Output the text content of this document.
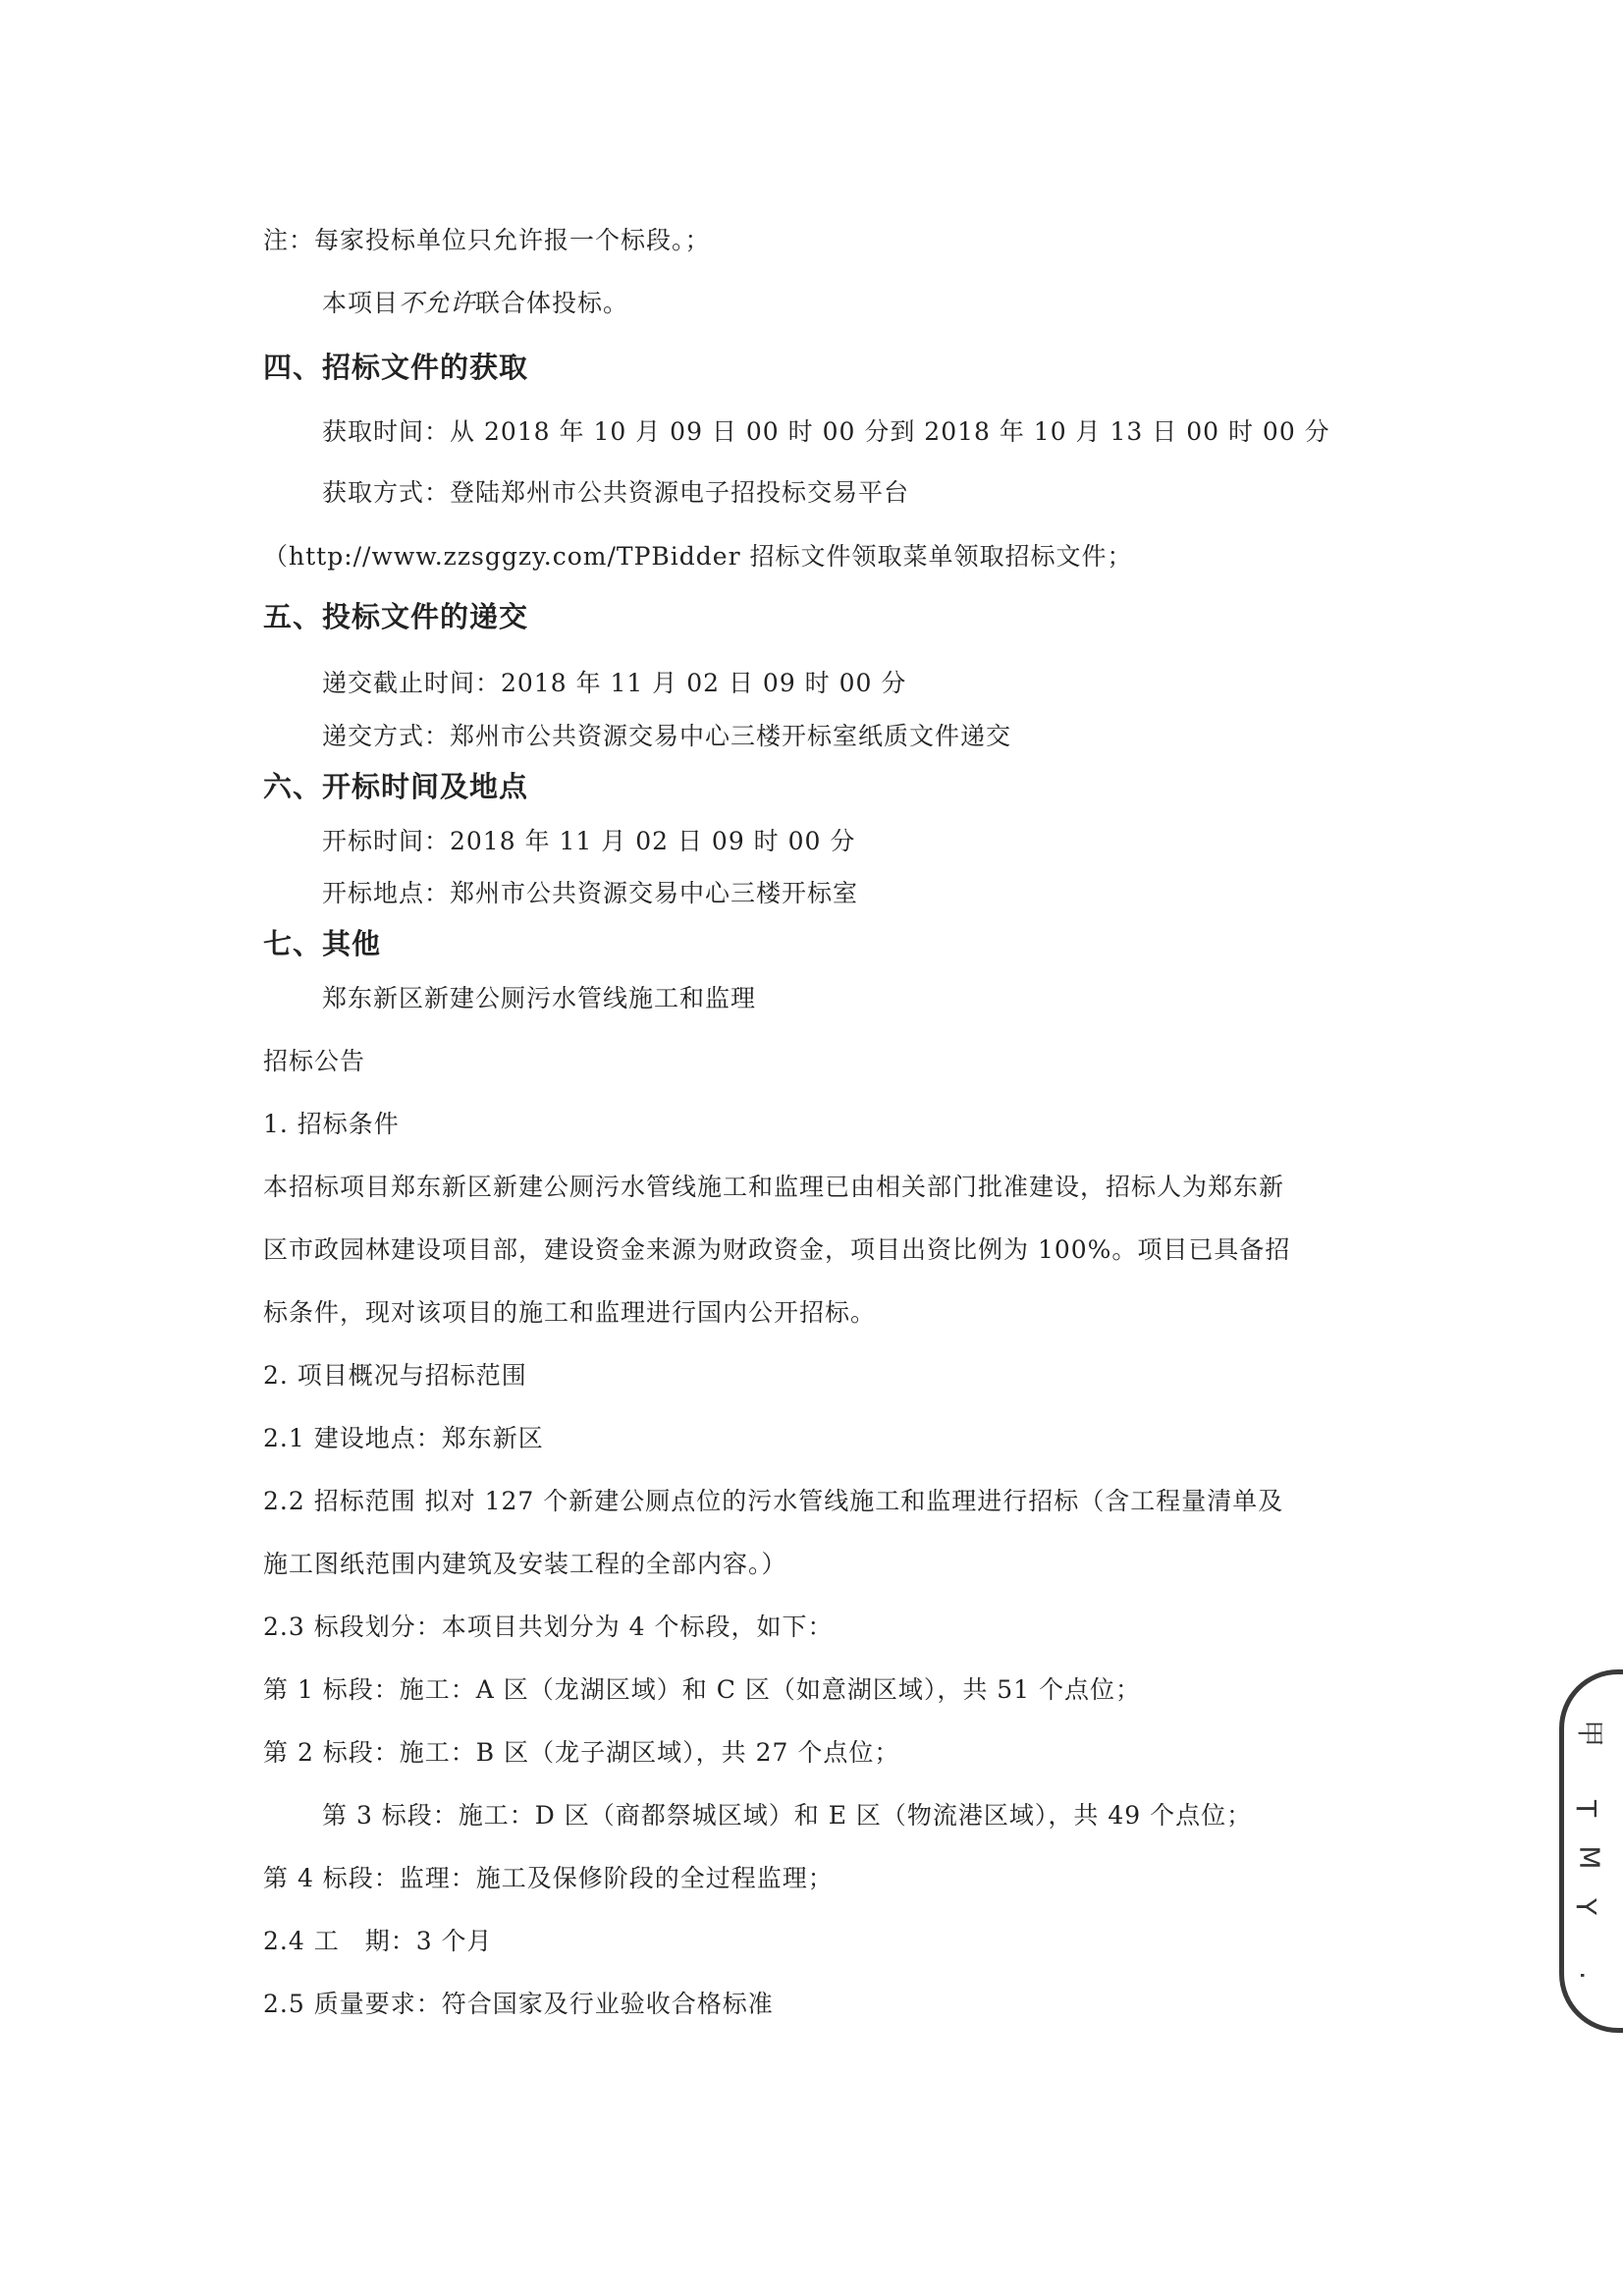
注：每家投标单位只允许报一个标段。；
本项目不允许联合体投标。
四、招标文件的获取
获取时间：从 2018 年 10 月 09 日 00 时 00 分到 2018 年 10 月 13 日 00 时 00 分
获取方式：登陆郑州市公共资源电子招投标交易平台
（http://www.zzsggzy.com/TPBidder 招标文件领取菜单领取招标文件；
五、投标文件的递交
递交截止时间：2018 年 11 月 02 日 09 时 00 分
递交方式：郑州市公共资源交易中心三楼开标室纸质文件递交
六、开标时间及地点
开标时间：2018 年 11 月 02 日 09 时 00 分
开标地点：郑州市公共资源交易中心三楼开标室
七、其他
郑东新区新建公厕污水管线施工和监理
招标公告
1. 招标条件
本招标项目郑东新区新建公厕污水管线施工和监理已由相关部门批准建设，招标人为郑东新
区市政园林建设项目部，建设资金来源为财政资金，项目出资比例为 100%。项目已具备招
标条件，现对该项目的施工和监理进行国内公开招标。
2. 项目概况与招标范围
2.1 建设地点：郑东新区
2.2 招标范围 拟对 127 个新建公厕点位的污水管线施工和监理进行招标（含工程量清单及
施工图纸范围内建筑及安装工程的全部内容。）
2.3 标段划分：本项目共划分为 4 个标段，如下：
第 1 标段：施工：A 区（龙湖区域）和 C 区（如意湖区域），共 51 个点位；
第 2 标段：施工：B 区（龙子湖区域），共 27 个点位；
第 3 标段：施工：D 区（商都祭城区域）和 E 区（物流港区域），共 49 个点位；
第 4 标段：监理：施工及保修阶段的全过程监理；
2.4 工　期：3 个月
2.5 质量要求：符合国家及行业验收合格标准
甲
T
M
Y
·
